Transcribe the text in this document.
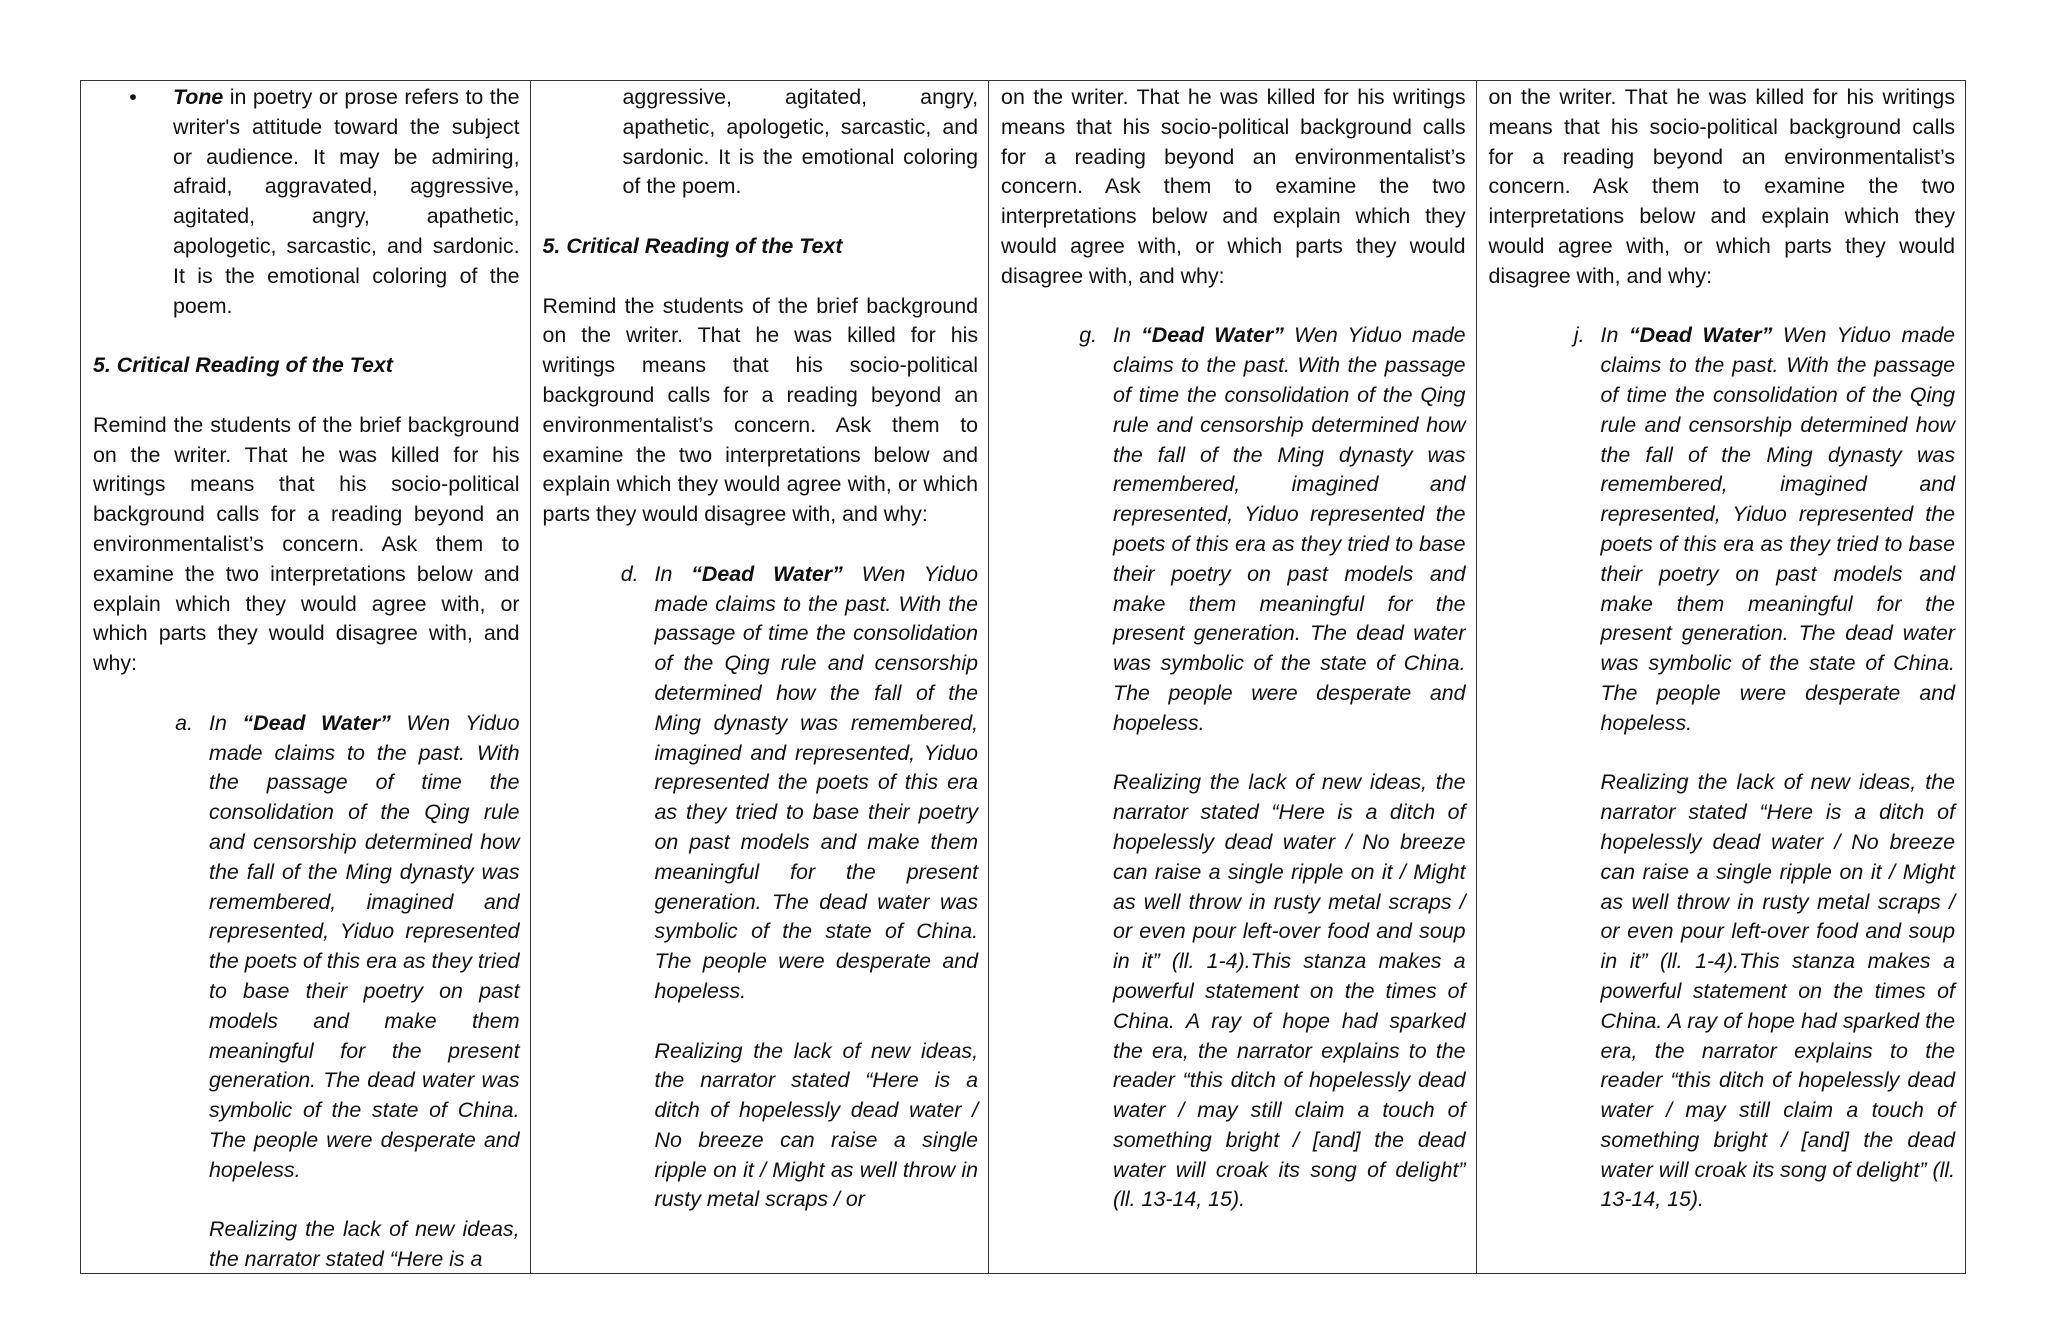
•	Tone in poetry or prose refers to the writer's attitude toward the subject or audience. It may be admiring, afraid, aggravated, aggressive, agitated, angry, apathetic, apologetic, sarcastic, and sardonic. It is the emotional coloring of the poem.

5. Critical Reading of the Text

Remind the students of the brief background on the writer. That he was killed for his writings means that his socio-political background calls for a reading beyond an environmentalist’s concern. Ask them to examine the two interpretations below and explain which they would agree with, or which parts they would disagree with, and why:

a. In “Dead Water” Wen Yiduo made claims to the past. With the passage of time the consolidation of the Qing rule and censorship determined how the fall of the Ming dynasty was remembered, imagined and represented, Yiduo represented the poets of this era as they tried to base their poetry on past models and make them meaningful for the present generation. The dead water was symbolic of the state of China. The people were desperate and hopeless.

Realizing the lack of new ideas, the narrator stated “Here is a

aggressive, agitated, angry, apathetic, apologetic, sarcastic, and sardonic. It is the emotional coloring of the poem.

5. Critical Reading of the Text

Remind the students of the brief background on the writer. That he was killed for his writings means that his socio-political background calls for a reading beyond an environmentalist’s concern. Ask them to examine the two interpretations below and explain which they would agree with, or which parts they would disagree with, and why:

d. In “Dead Water” Wen Yiduo made claims to the past. With the passage of time the consolidation of the Qing rule and censorship determined how the fall of the Ming dynasty was remembered, imagined and represented, Yiduo represented the poets of this era as they tried to base their poetry on past models and make them meaningful for the present generation. The dead water was symbolic of the state of China. The people were desperate and hopeless.

Realizing the lack of new ideas, the narrator stated “Here is a ditch of hopelessly dead water / No breeze can raise a single ripple on it / Might as well throw in rusty metal scraps / or

on the writer. That he was killed for his writings means that his socio-political background calls for a reading beyond an environmentalist’s concern. Ask them to examine the two interpretations below and explain which they would agree with, or which parts they would disagree with, and why:

g. In “Dead Water” Wen Yiduo made claims to the past. With the passage of time the consolidation of the Qing rule and censorship determined how the fall of the Ming dynasty was remembered, imagined and represented, Yiduo represented the poets of this era as they tried to base their poetry on past models and make them meaningful for the present generation. The dead water was symbolic of the state of China. The people were desperate and hopeless.

Realizing the lack of new ideas, the narrator stated “Here is a ditch of hopelessly dead water / No breeze can raise a single ripple on it / Might as well throw in rusty metal scraps / or even pour left-over food and soup in it” (ll. 1-4).This stanza makes a powerful statement on the times of China. A ray of hope had sparked the era, the narrator explains to the reader “this ditch of hopelessly dead water / may still claim a touch of something bright / [and] the dead water will croak its song of delight” (ll. 13-14, 15).

on the writer. That he was killed for his writings means that his socio-political background calls for a reading beyond an environmentalist’s concern. Ask them to examine the two interpretations below and explain which they would agree with, or which parts they would disagree with, and why:

j. In “Dead Water” Wen Yiduo made claims to the past. With the passage of time the consolidation of the Qing rule and censorship determined how the fall of the Ming dynasty was remembered, imagined and represented, Yiduo represented the poets of this era as they tried to base their poetry on past models and make them meaningful for the present generation. The dead water was symbolic of the state of China. The people were desperate and hopeless.

Realizing the lack of new ideas, the narrator stated “Here is a ditch of hopelessly dead water / No breeze can raise a single ripple on it / Might as well throw in rusty metal scraps / or even pour left-over food and soup in it” (ll. 1-4).This stanza makes a powerful statement on the times of China. A ray of hope had sparked the era, the narrator explains to the reader “this ditch of hopelessly dead water / may still claim a touch of something bright / [and] the dead water will croak its song of delight” (ll. 13-14, 15).
